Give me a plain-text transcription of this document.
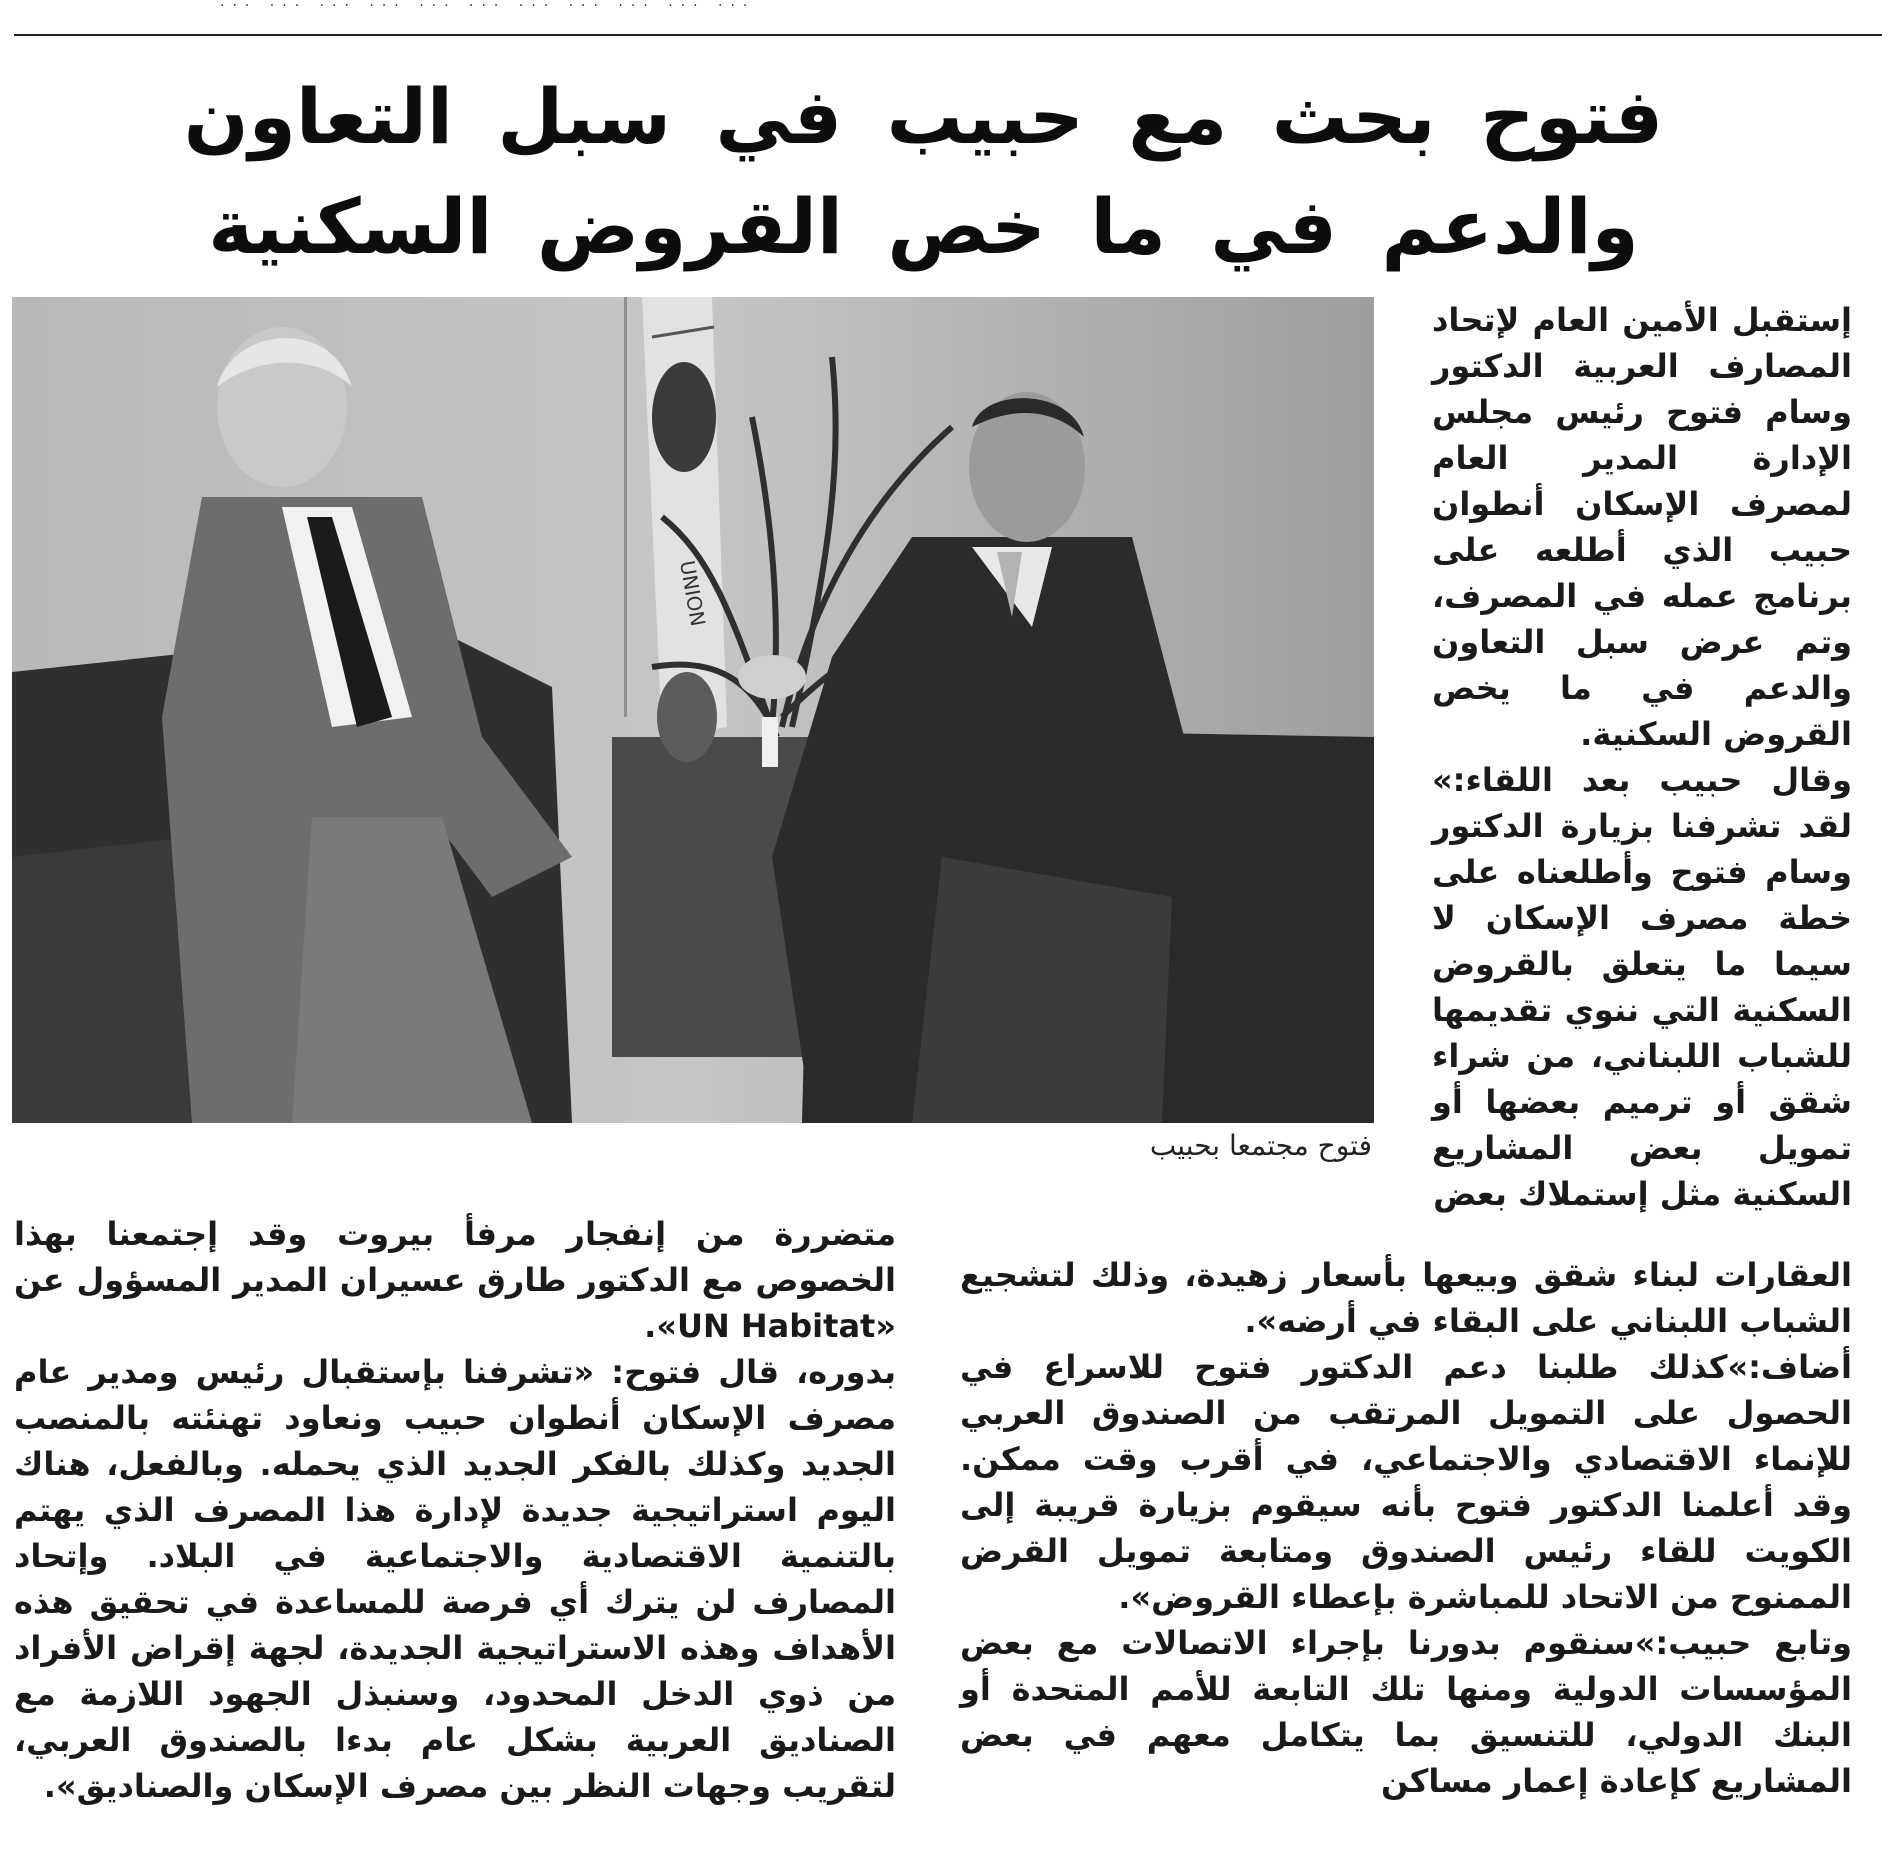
... ... ... ... ... ... ... ... ... ... ...
فتوح بحث مع حبيب في سبل التعاون
والدعم في ما خص القروض السكنية
UNION
فتوح مجتمعا بحبيب

إستقبل الأمين العام لإتحاد المصارف العربية الدكتور وسام فتوح رئيس مجلس الإدارة المدير العام لمصرف الإسكان أنطوان حبيب الذي أطلعه على برنامج عمله في المصرف، وتم عرض سبل التعاون والدعم في ما يخص القروض السكنية.

وقال حبيب بعد اللقاء:» لقد تشرفنا بزيارة الدكتور وسام فتوح وأطلعناه على خطة مصرف الإسكان لا سيما ما يتعلق بالقروض السكنية التي ننوي تقديمها للشباب اللبناني، من شراء شقق أو ترميم بعضها أو تمويل بعض المشاريع السكنية مثل إستملاك بعض

العقارات لبناء شقق وبيعها بأسعار زهيدة، وذلك لتشجيع الشباب اللبناني على البقاء في أرضه».

أضاف:»كذلك طلبنا دعم الدكتور فتوح للاسراع في الحصول على التمويل المرتقب من الصندوق العربي للإنماء الاقتصادي والاجتماعي، في أقرب وقت ممكن. وقد أعلمنا الدكتور فتوح بأنه سيقوم بزيارة قريبة إلى الكويت للقاء رئيس الصندوق ومتابعة تمويل القرض الممنوح من الاتحاد للمباشرة بإعطاء القروض».

وتابع حبيب:»سنقوم بدورنا بإجراء الاتصالات مع بعض المؤسسات الدولية ومنها تلك التابعة للأمم المتحدة أو البنك الدولي، للتنسيق بما يتكامل معهم في بعض المشاريع كإعادة إعمار مساكن

متضررة من إنفجار مرفأ بيروت وقد إجتمعنا بهذا الخصوص مع الدكتور طارق عسيران المدير المسؤول عن «UN Habitat».

بدوره، قال فتوح: «تشرفنا بإستقبال رئيس ومدير عام مصرف الإسكان أنطوان حبيب ونعاود تهنئته بالمنصب الجديد وكذلك بالفكر الجديد الذي يحمله. وبالفعل، هناك اليوم استراتيجية جديدة لإدارة هذا المصرف الذي يهتم بالتنمية الاقتصادية والاجتماعية في البلاد. وإتحاد المصارف لن يترك أي فرصة للمساعدة في تحقيق هذه الأهداف وهذه الاستراتيجية الجديدة، لجهة إقراض الأفراد من ذوي الدخل المحدود، وسنبذل الجهود اللازمة مع الصناديق العربية بشكل عام بدءا بالصندوق العربي، لتقريب وجهات النظر بين مصرف الإسكان والصناديق».
